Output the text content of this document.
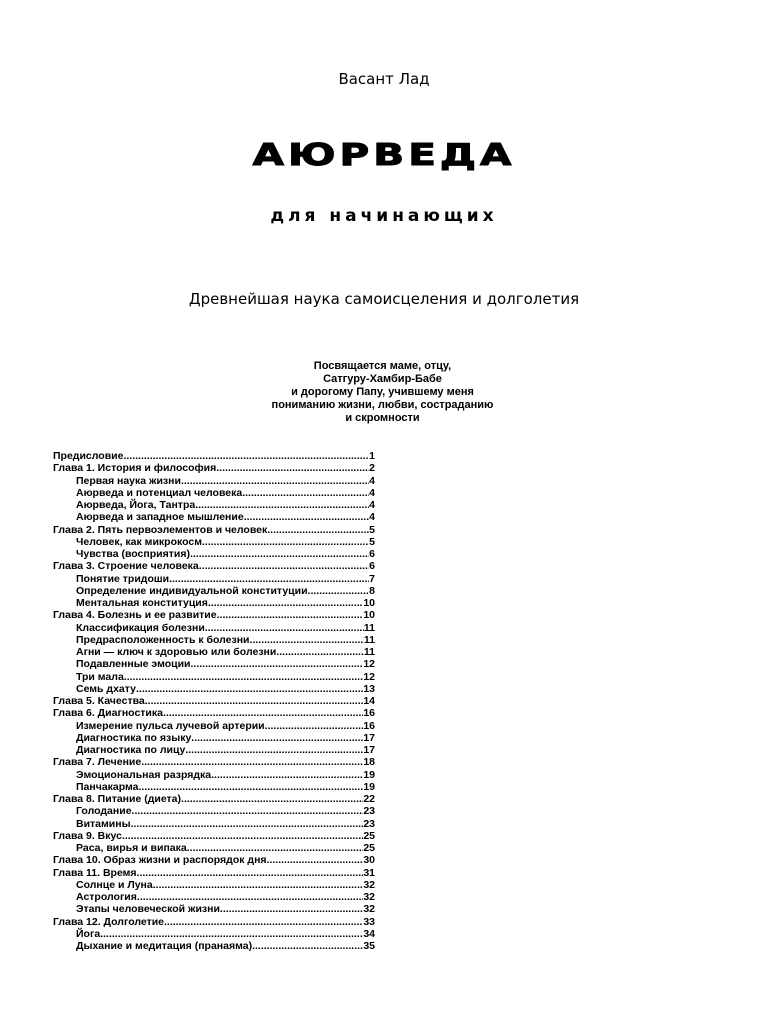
Васант Лад
АЮРВЕДА
для начинающих
Древнейшая наука самоисцеления и долголетия
Посвящается маме, отцу,
Сатгуру-Хамбир-Бабе
и дорогому Папу, учившему меня
пониманию жизни, любви, состраданию
и скромности
Предисловие .....	1
Глава 1. История и философия .....	2
Первая наука жизни .....	4
Аюрведа и потенциал человека .....	4
Аюрведа, Йога, Тантра .....	4
Аюрведа и западное мышление .....	4
Глава 2. Пять первоэлементов и человек .....	5
Человек, как микрокосм .....	5
Чувства (восприятия) .....	6
Глава 3. Строение человека .....	6
Понятие тридоши .....	7
Определение индивидуальной конституции .....	8
Ментальная конституция .....	10
Глава 4. Болезнь и ее развитие .....	10
Классификация болезни .....	11
Предрасположенность к болезни .....	11
Агни — ключ к здоровью или болезни .....	11
Подавленные эмоции .....	12
Три мала .....	12
Семь дхату .....	13
Глава 5. Качества .....	14
Глава 6. Диагностика .....	16
Измерение пульса лучевой артерии .....	16
Диагностика по языку .....	17
Диагностика по лицу .....	17
Глава 7. Лечение .....	18
Эмоциональная разрядка .....	19
Панчакарма .....	19
Глава 8. Питание (диета) .....	22
Голодание .....	23
Витамины .....	23
Глава 9. Вкус .....	25
Раса, вирья и випака .....	25
Глава 10. Образ жизни и распорядок дня .....	30
Глава 11. Время .....	31
Солнце и Луна .....	32
Астрология .....	32
Этапы человеческой жизни .....	32
Глава 12. Долголетие .....	33
Йога .....	34
Дыхание и медитация (пранаяма) .....	35
